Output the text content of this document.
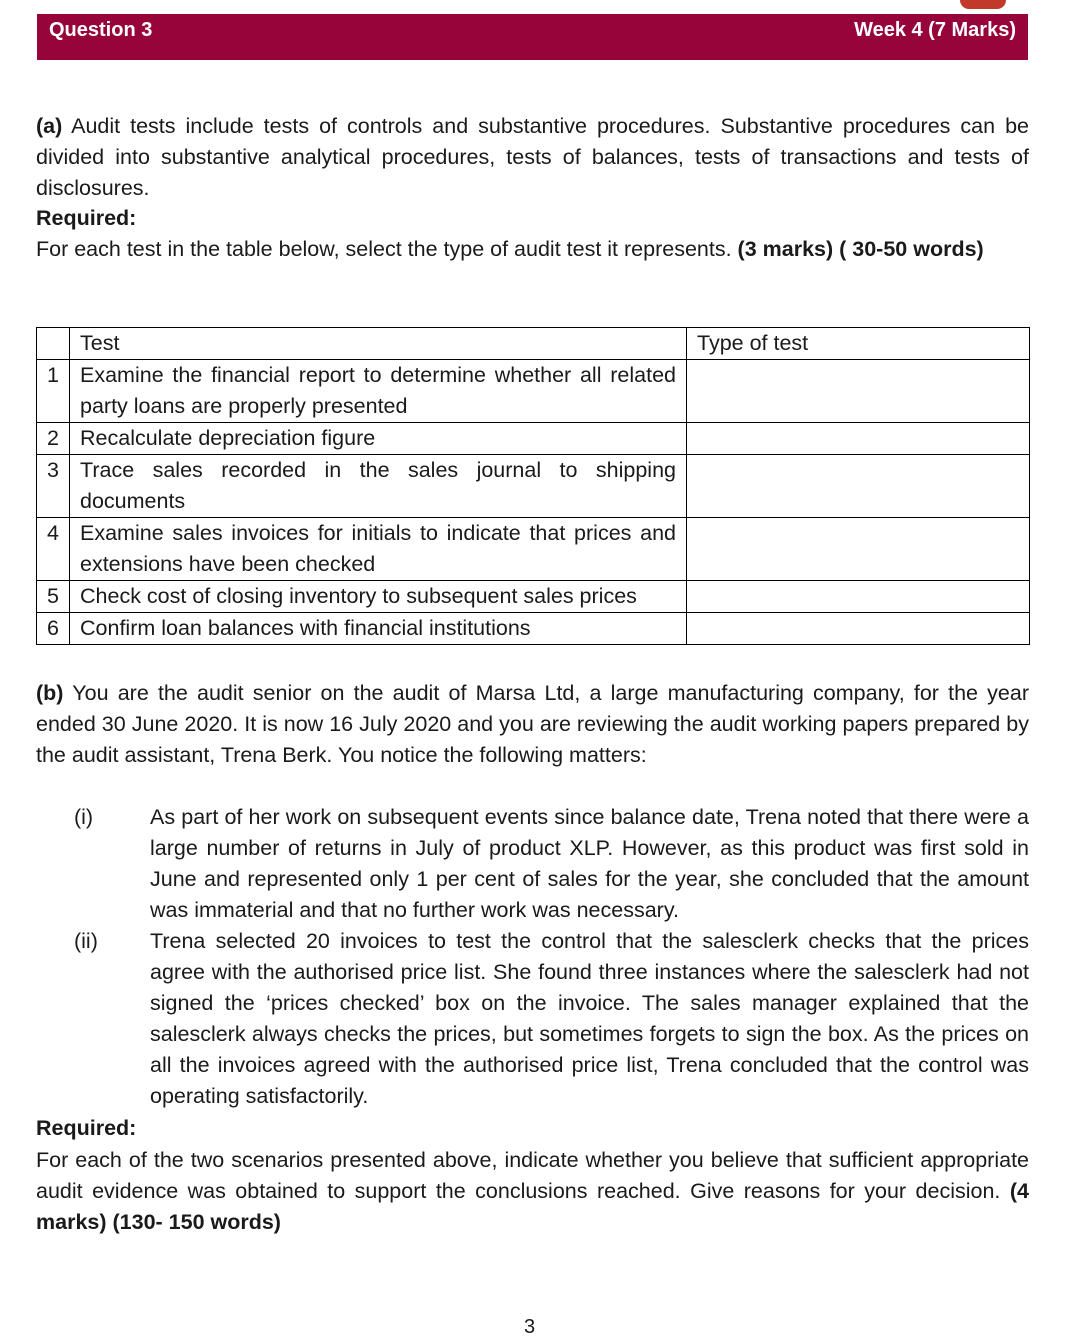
Question 3	Week 4 (7 Marks)
(a) Audit tests include tests of controls and substantive procedures. Substantive procedures can be divided into substantive analytical procedures, tests of balances, tests of transactions and tests of disclosures.
Required:
For each test in the table below, select the type of audit test it represents. (3 marks) ( 30-50 words)
	Test	Type of test
1	Examine the financial report to determine whether all related party loans are properly presented	
2	Recalculate depreciation figure	
3	Trace sales recorded in the sales journal to shipping documents	
4	Examine sales invoices for initials to indicate that prices and extensions have been checked	
5	Check cost of closing inventory to subsequent sales prices	
6	Confirm loan balances with financial institutions	
(b) You are the audit senior on the audit of Marsa Ltd, a large manufacturing company, for the year ended 30 June 2020. It is now 16 July 2020 and you are reviewing the audit working papers prepared by the audit assistant, Trena Berk. You notice the following matters:
(i)	As part of her work on subsequent events since balance date, Trena noted that there were a large number of returns in July of product XLP. However, as this product was first sold in June and represented only 1 per cent of sales for the year, she concluded that the amount was immaterial and that no further work was necessary.
(ii)	Trena selected 20 invoices to test the control that the salesclerk checks that the prices agree with the authorised price list. She found three instances where the salesclerk had not signed the ‘prices checked’ box on the invoice. The sales manager explained that the salesclerk always checks the prices, but sometimes forgets to sign the box. As the prices on all the invoices agreed with the authorised price list, Trena concluded that the control was operating satisfactorily.
Required:
For each of the two scenarios presented above, indicate whether you believe that sufficient appropriate audit evidence was obtained to support the conclusions reached. Give reasons for your decision. (4 marks) (130- 150 words)
3
